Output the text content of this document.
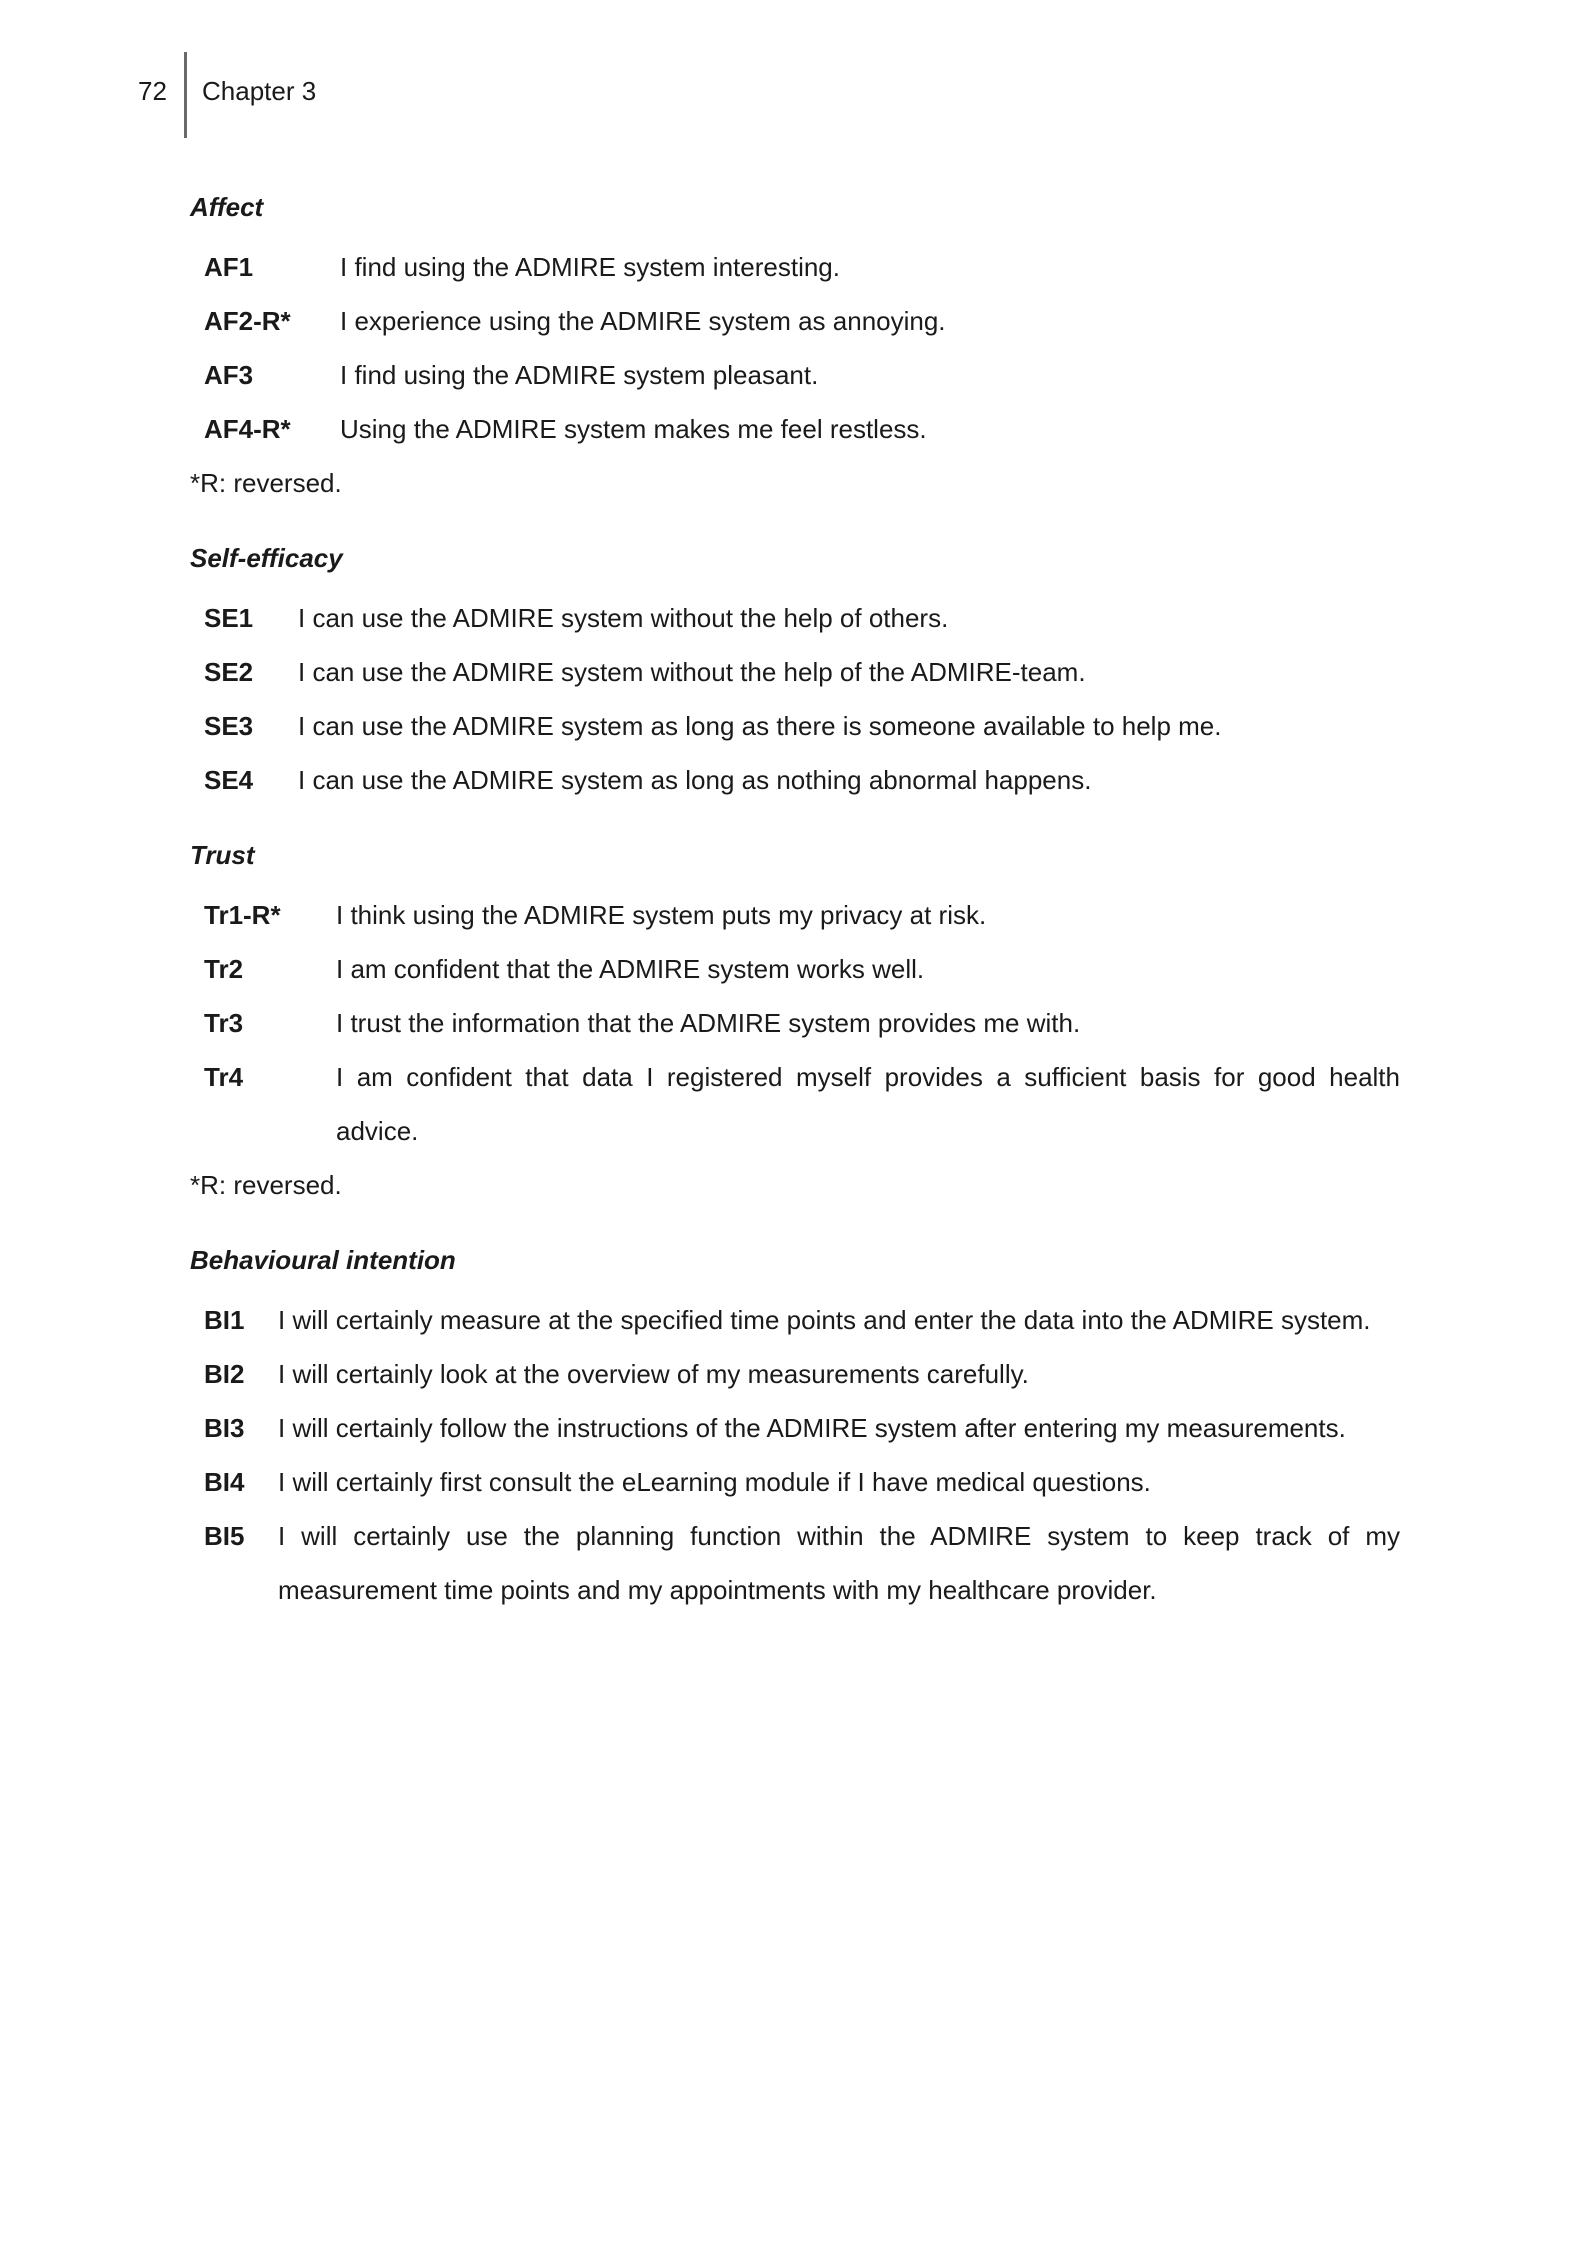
72 Chapter 3
Affect
AF1	I find using the ADMIRE system interesting.
AF2-R*	I experience using the ADMIRE system as annoying.
AF3	I find using the ADMIRE system pleasant.
AF4-R*	Using the ADMIRE system makes me feel restless.
*R: reversed.
Self-efficacy
SE1	I can use the ADMIRE system without the help of others.
SE2	I can use the ADMIRE system without the help of the ADMIRE-team.
SE3	I can use the ADMIRE system as long as there is someone available to help me.
SE4	I can use the ADMIRE system as long as nothing abnormal happens.
Trust
Tr1-R*	I think using the ADMIRE system puts my privacy at risk.
Tr2	I am confident that the ADMIRE system works well.
Tr3	I trust the information that the ADMIRE system provides me with.
Tr4	I am confident that data I registered myself provides a sufficient basis for good health advice.
*R: reversed.
Behavioural intention
BI1	I will certainly measure at the specified time points and enter the data into the ADMIRE system.
BI2	I will certainly look at the overview of my measurements carefully.
BI3	I will certainly follow the instructions of the ADMIRE system after entering my measurements.
BI4	I will certainly first consult the eLearning module if I have medical questions.
BI5	I will certainly use the planning function within the ADMIRE system to keep track of my measurement time points and my appointments with my healthcare provider.
